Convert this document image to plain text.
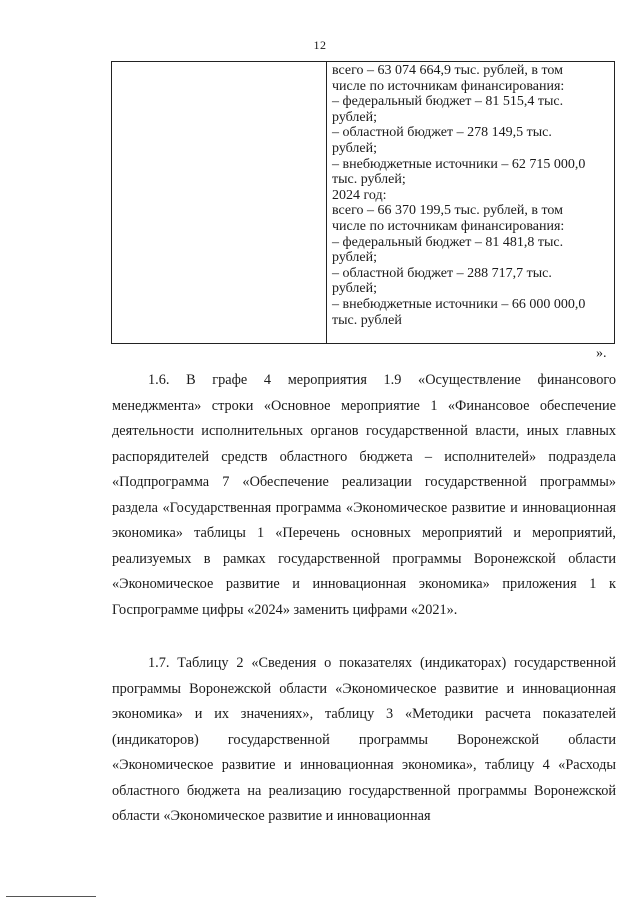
12
всего – 63 074 664,9 тыс. рублей, в том
числе по источникам финансирования:
– федеральный бюджет – 81 515,4 тыс.
рублей;
– областной бюджет – 278 149,5 тыс.
рублей;
– внебюджетные источники – 62 715 000,0
тыс. рублей;
2024 год:
всего – 66 370 199,5 тыс. рублей, в том
числе по источникам финансирования:
– федеральный бюджет – 81 481,8 тыс.
рублей;
– областной бюджет – 288 717,7 тыс.
рублей;
– внебюджетные источники – 66 000 000,0
тыс. рублей
».

1.6. В графе 4 мероприятия 1.9 «Осуществление финансового менеджмента» строки «Основное мероприятие 1 «Финансовое обеспечение деятельности исполнительных органов государственной власти, иных главных распорядителей средств областного бюджета – исполнителей» подраздела «Подпрограмма 7 «Обеспечение реализации государственной программы» раздела «Государственная программа «Экономическое развитие и инновационная экономика» таблицы 1 «Перечень основных мероприятий и мероприятий, реализуемых в рамках государственной программы Воронежской области «Экономическое развитие и инновационная экономика» приложения 1 к Госпрограмме цифры «2024» заменить цифрами «2021».

1.7. Таблицу 2 «Сведения о показателях (индикаторах) государственной программы Воронежской области «Экономическое развитие и инновационная экономика» и их значениях», таблицу 3 «Методики расчета показателей (индикаторов) государственной программы Воронежской области «Экономическое развитие и инновационная экономика», таблицу 4 «Расходы областного бюджета на реализацию государственной программы Воронежской области «Экономическое развитие и инновационная
